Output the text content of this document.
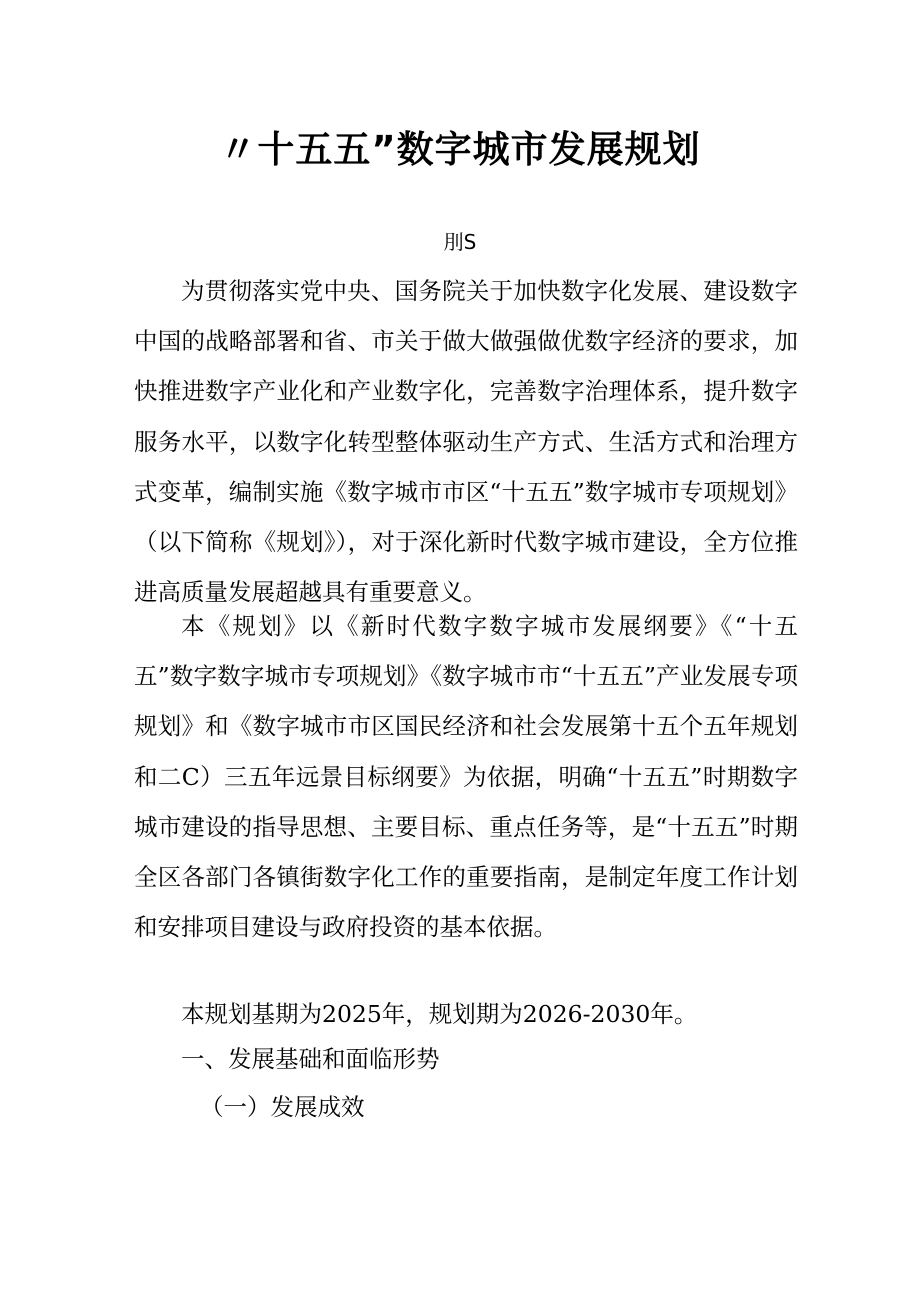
〃十五五”数字城市发展规划
刖S

为贯彻落实党中央、国务院关于加快数字化发展、建设数字中国的战略部署和省、市关于做大做强做优数字经济的要求，加快推进数字产业化和产业数字化，完善数字治理体系，提升数字服务水平，以数字化转型整体驱动生产方式、生活方式和治理方式变革，编制实施《数字城市市区“十五五”数字城市专项规划》（以下简称《规划》），对于深化新时代数字城市建设，全方位推进高质量发展超越具有重要意义。

本《规划》以《新时代数字数字城市发展纲要》《“十五五”数字数字城市专项规划》《数字城市市“十五五”产业发展专项规划》和《数字城市市区国民经济和社会发展第十五个五年规划和二C）三五年远景目标纲要》为依据，明确“十五五”时期数字城市建设的指导思想、主要目标、重点任务等，是“十五五”时期全区各部门各镇街数字化工作的重要指南，是制定年度工作计划和安排项目建设与政府投资的基本依据。

本规划基期为2025年，规划期为2026-2030年。

一、发展基础和面临形势
（一）发展成效
